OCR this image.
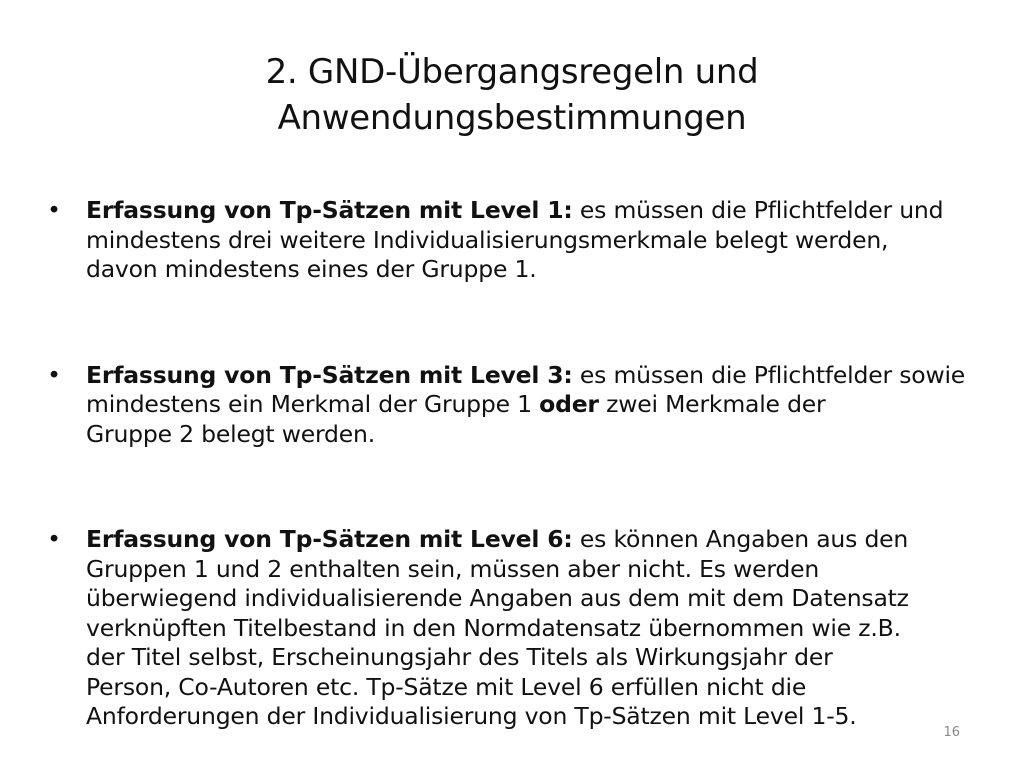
2. GND-Übergangsregeln und
Anwendungsbestimmungen
• Erfassung von Tp-Sätzen mit Level 1: es müssen die Pflichtfelder und
mindestens drei weitere Individualisierungsmerkmale belegt werden,
davon mindestens eines der Gruppe 1.
• Erfassung von Tp-Sätzen mit Level 3: es müssen die Pflichtfelder sowie
mindestens ein Merkmal der Gruppe 1 oder zwei Merkmale der
Gruppe 2 belegt werden.
• Erfassung von Tp-Sätzen mit Level 6: es können Angaben aus den
Gruppen 1 und 2 enthalten sein, müssen aber nicht. Es werden
überwiegend individualisierende Angaben aus dem mit dem Datensatz
verknüpften Titelbestand in den Normdatensatz übernommen wie z.B.
der Titel selbst, Erscheinungsjahr des Titels als Wirkungsjahr der
Person, Co-Autoren etc. Tp-Sätze mit Level 6 erfüllen nicht die
Anforderungen der Individualisierung von Tp-Sätzen mit Level 1-5.
16
